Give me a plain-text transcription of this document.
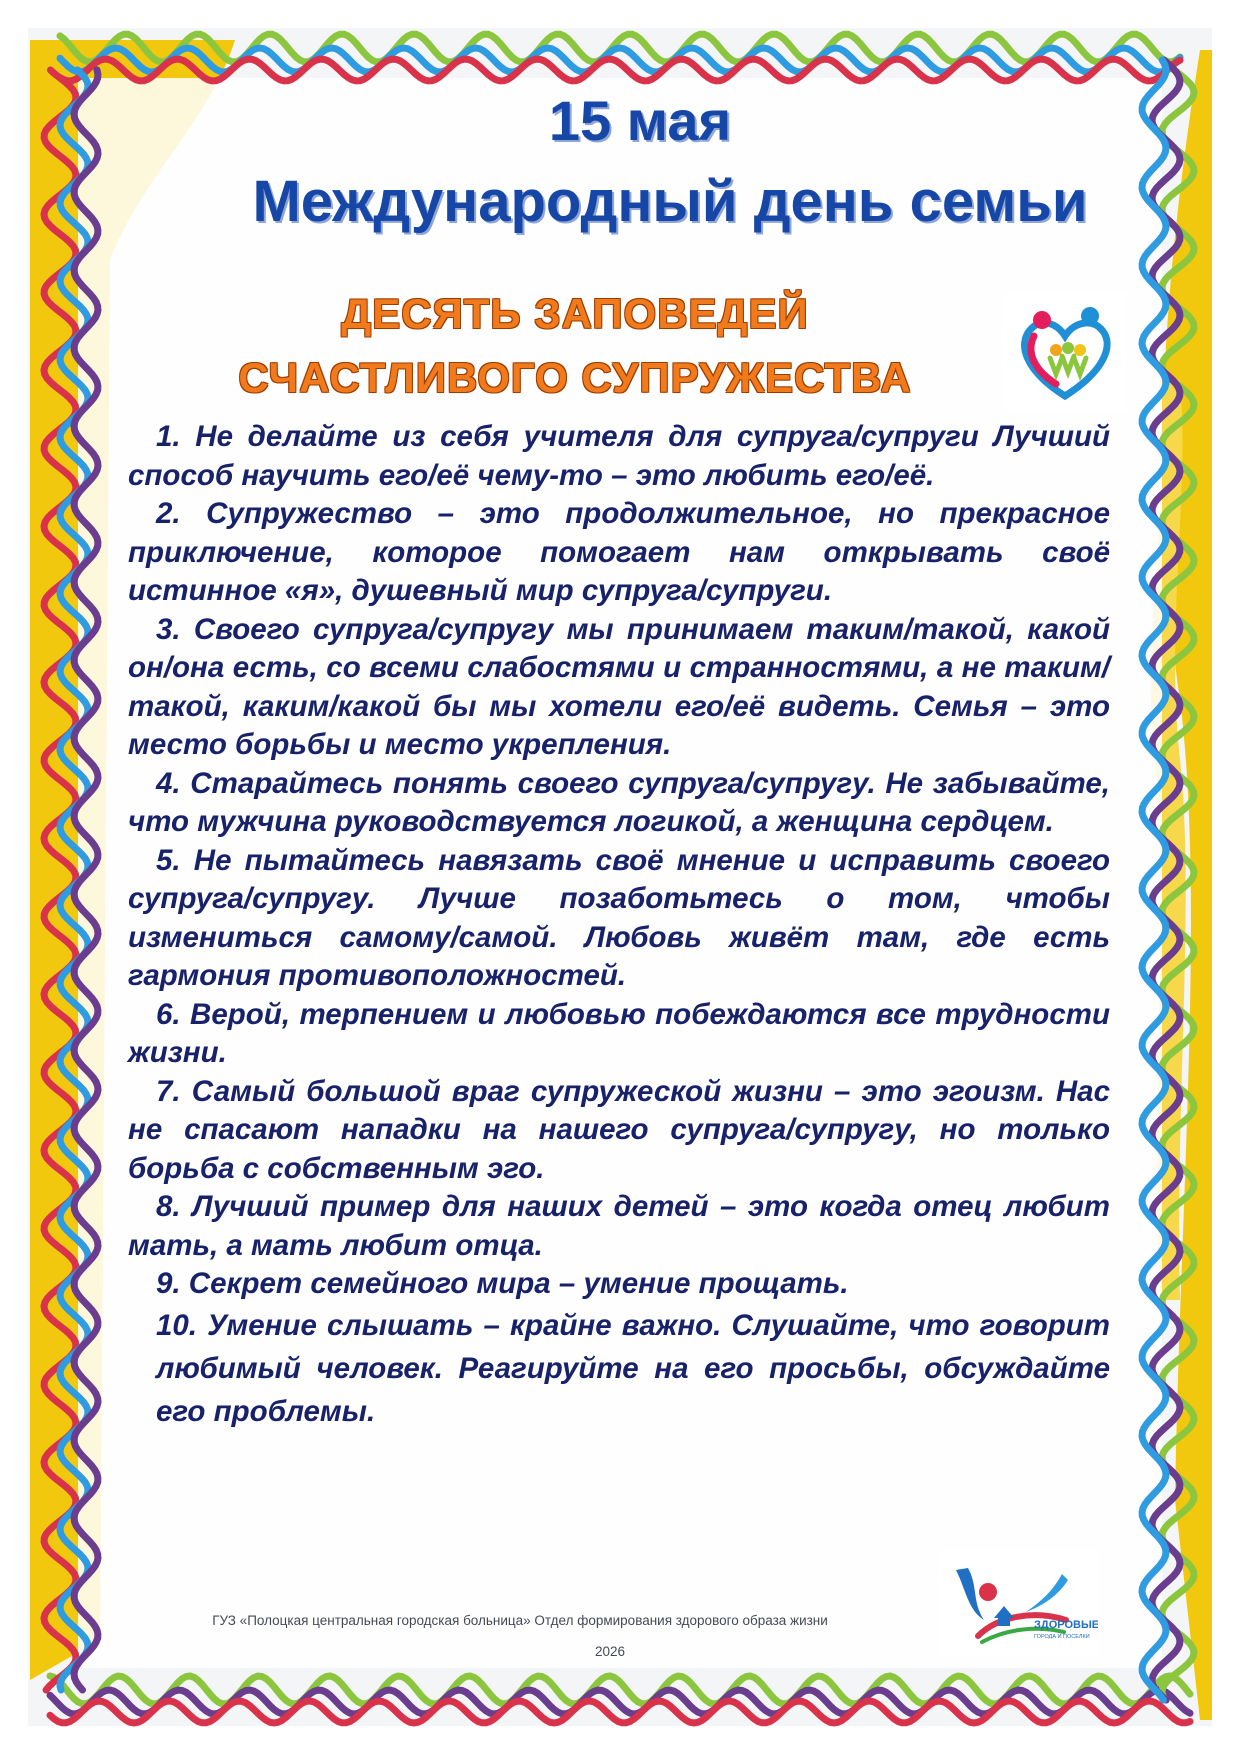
15 мая
Международный день семьи
ДЕСЯТЬ ЗАПОВЕДЕЙ
СЧАСТЛИВОГО СУПРУЖЕСТВА
1. Не делайте из себя учителя для супруга/супруги Лучший способ научить его/её чему-то – это любить его/её.
2. Супружество – это продолжительное, но прекрасное приключение, которое помогает нам открывать своё истинное «я», душевный мир супруга/супруги.
3. Своего супруга/супругу мы принимаем таким/такой, какой он/она есть, со всеми слабостями и странностями, а не таким/такой, каким/какой бы мы хотели его/её видеть. Семья – это место борьбы и место укрепления.
4. Старайтесь понять своего супруга/супругу. Не забывайте, что мужчина руководствуется логикой, а женщина сердцем.
5. Не пытайтесь навязать своё мнение и исправить своего супруга/супругу. Лучше позаботьтесь о том, чтобы измениться самому/самой. Любовь живёт там, где есть гармония противоположностей.
6. Верой, терпением и любовью побеждаются все трудности жизни.
7. Самый большой враг супружеской жизни – это эгоизм. Нас не спасают нападки на нашего супруга/супругу, но только борьба с собственным эго.
8. Лучший пример для наших детей – это когда отец любит мать, а мать любит отца.
9. Секрет семейного мира – умение прощать.
10. Умение слышать – крайне важно. Слушайте, что говорит любимый человек. Реагируйте на его просьбы, обсуждайте его проблемы.

ГУЗ «Полоцкая центральная городская больница» Отдел формирования здорового образа жизни

2026

ЗДОРОВЫЕ
ГОРОДА И ПОСЕЛКИ
